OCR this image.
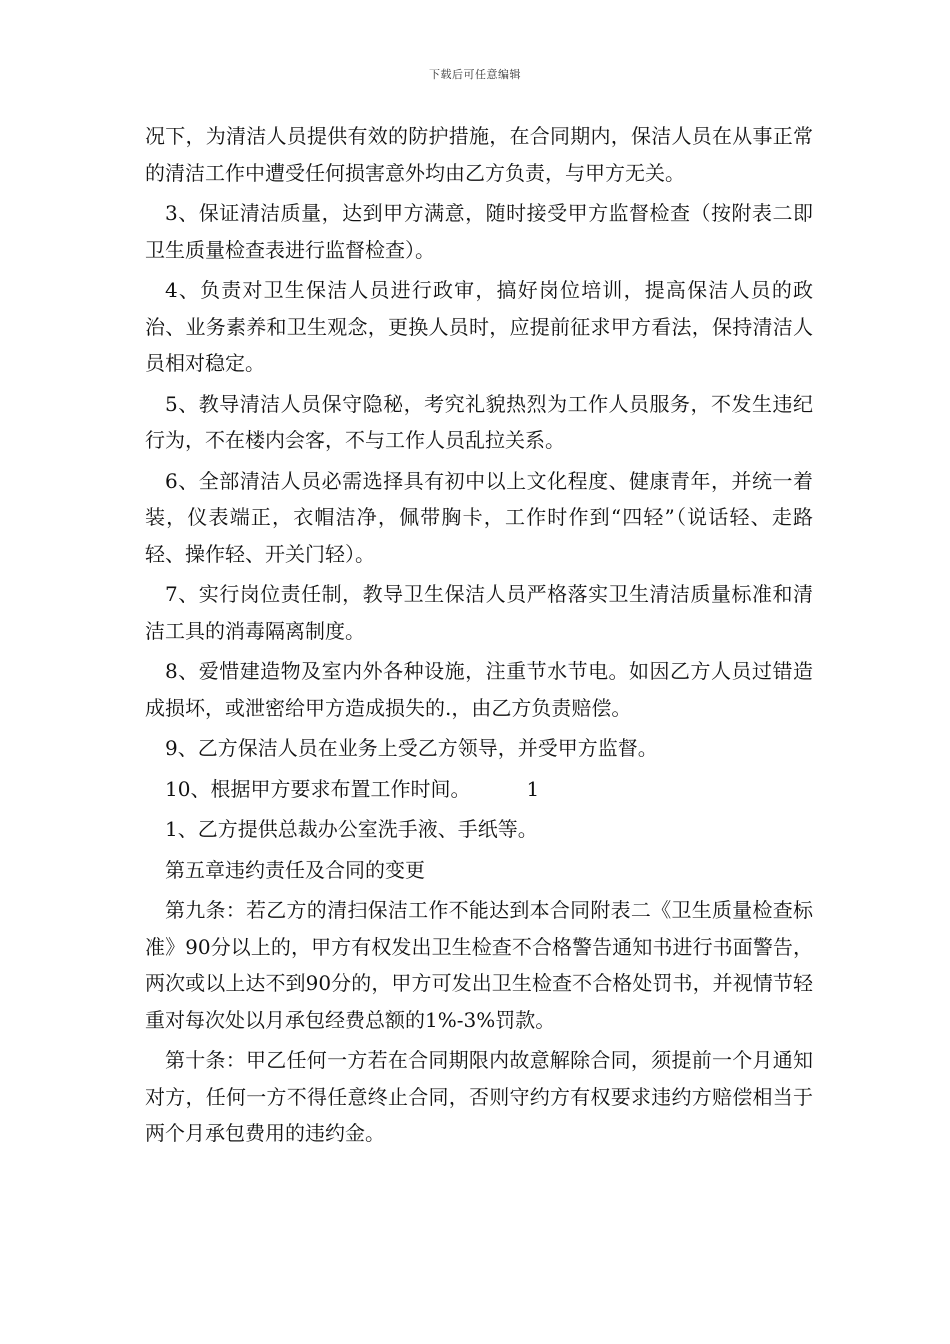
下载后可任意编辑

况下，为清洁人员提供有效的防护措施，在合同期内，保洁人员在从事正常的清洁工作中遭受任何损害意外均由乙方负责，与甲方无关。

3、保证清洁质量，达到甲方满意，随时接受甲方监督检查（按附表二即卫生质量检查表进行监督检查）。

4、负责对卫生保洁人员进行政审，搞好岗位培训，提高保洁人员的政治、业务素养和卫生观念，更换人员时，应提前征求甲方看法，保持清洁人员相对稳定。

5、教导清洁人员保守隐秘，考究礼貌热烈为工作人员服务，不发生违纪行为，不在楼内会客，不与工作人员乱拉关系。

6、全部清洁人员必需选择具有初中以上文化程度、健康青年，并统一着装，仪表端正，衣帽洁净，佩带胸卡，工作时作到“四轻”（说话轻、走路轻、操作轻、开关门轻）。

7、实行岗位责任制，教导卫生保洁人员严格落实卫生清洁质量标准和清洁工具的消毒隔离制度。

8、爱惜建造物及室内外各种设施，注重节水节电。如因乙方人员过错造成损坏，或泄密给甲方造成损失的.，由乙方负责赔偿。

9、乙方保洁人员在业务上受乙方领导，并受甲方监督。

10、根据甲方要求布置工作时间。	1

1、乙方提供总裁办公室洗手液、手纸等。

第五章违约责任及合同的变更

第九条：若乙方的清扫保洁工作不能达到本合同附表二《卫生质量检查标准》90分以上的，甲方有权发出卫生检查不合格警告通知书进行书面警告，两次或以上达不到90分的，甲方可发出卫生检查不合格处罚书，并视情节轻重对每次处以月承包经费总额的1%-3%罚款。

第十条：甲乙任何一方若在合同期限内故意解除合同，须提前一个月通知对方，任何一方不得任意终止合同，否则守约方有权要求违约方赔偿相当于两个月承包费用的违约金。
